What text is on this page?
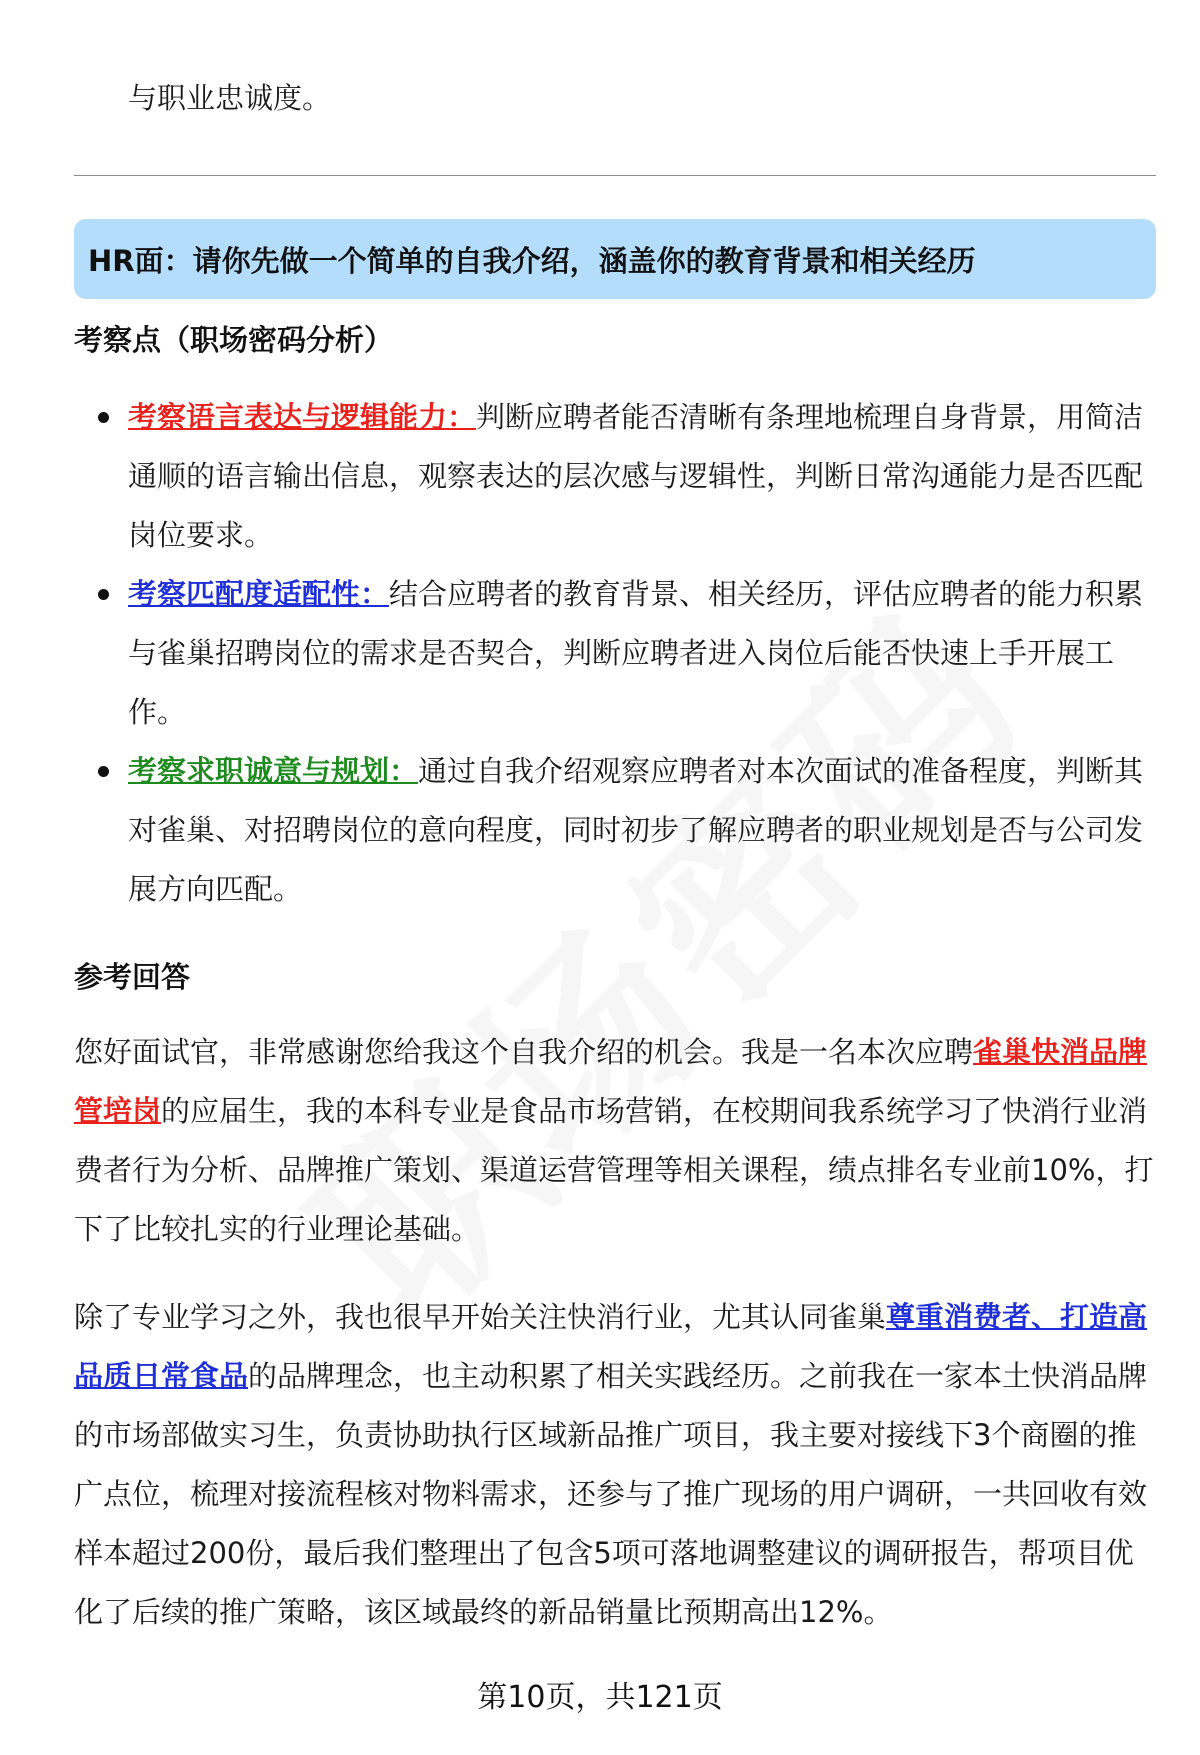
与职业忠诚度。
HR面：请你先做一个简单的自我介绍，涵盖你的教育背景和相关经历
考察点（职场密码分析）
考察语言表达与逻辑能力：判断应聘者能否清晰有条理地梳理自身背景，用简洁通顺的语言输出信息，观察表达的层次感与逻辑性，判断日常沟通能力是否匹配岗位要求。
考察匹配度适配性：结合应聘者的教育背景、相关经历，评估应聘者的能力积累与雀巢招聘岗位的需求是否契合，判断应聘者进入岗位后能否快速上手开展工作。
考察求职诚意与规划：通过自我介绍观察应聘者对本次面试的准备程度，判断其对雀巢、对招聘岗位的意向程度，同时初步了解应聘者的职业规划是否与公司发展方向匹配。
参考回答

您好面试官，非常感谢您给我这个自我介绍的机会。我是一名本次应聘雀巢快消品牌管培岗的应届生，我的本科专业是食品市场营销，在校期间我系统学习了快消行业消费者行为分析、品牌推广策划、渠道运营管理等相关课程，绩点排名专业前10%，打下了比较扎实的行业理论基础。

除了专业学习之外，我也很早开始关注快消行业，尤其认同雀巢尊重消费者、打造高品质日常食品的品牌理念，也主动积累了相关实践经历。之前我在一家本土快消品牌的市场部做实习生，负责协助执行区域新品推广项目，我主要对接线下3个商圈的推广点位，梳理对接流程核对物料需求，还参与了推广现场的用户调研，一共回收有效样本超过200份，最后我们整理出了包含5项可落地调整建议的调研报告，帮项目优化了后续的推广策略，该区域最终的新品销量比预期高出12%。

第10页，共121页
